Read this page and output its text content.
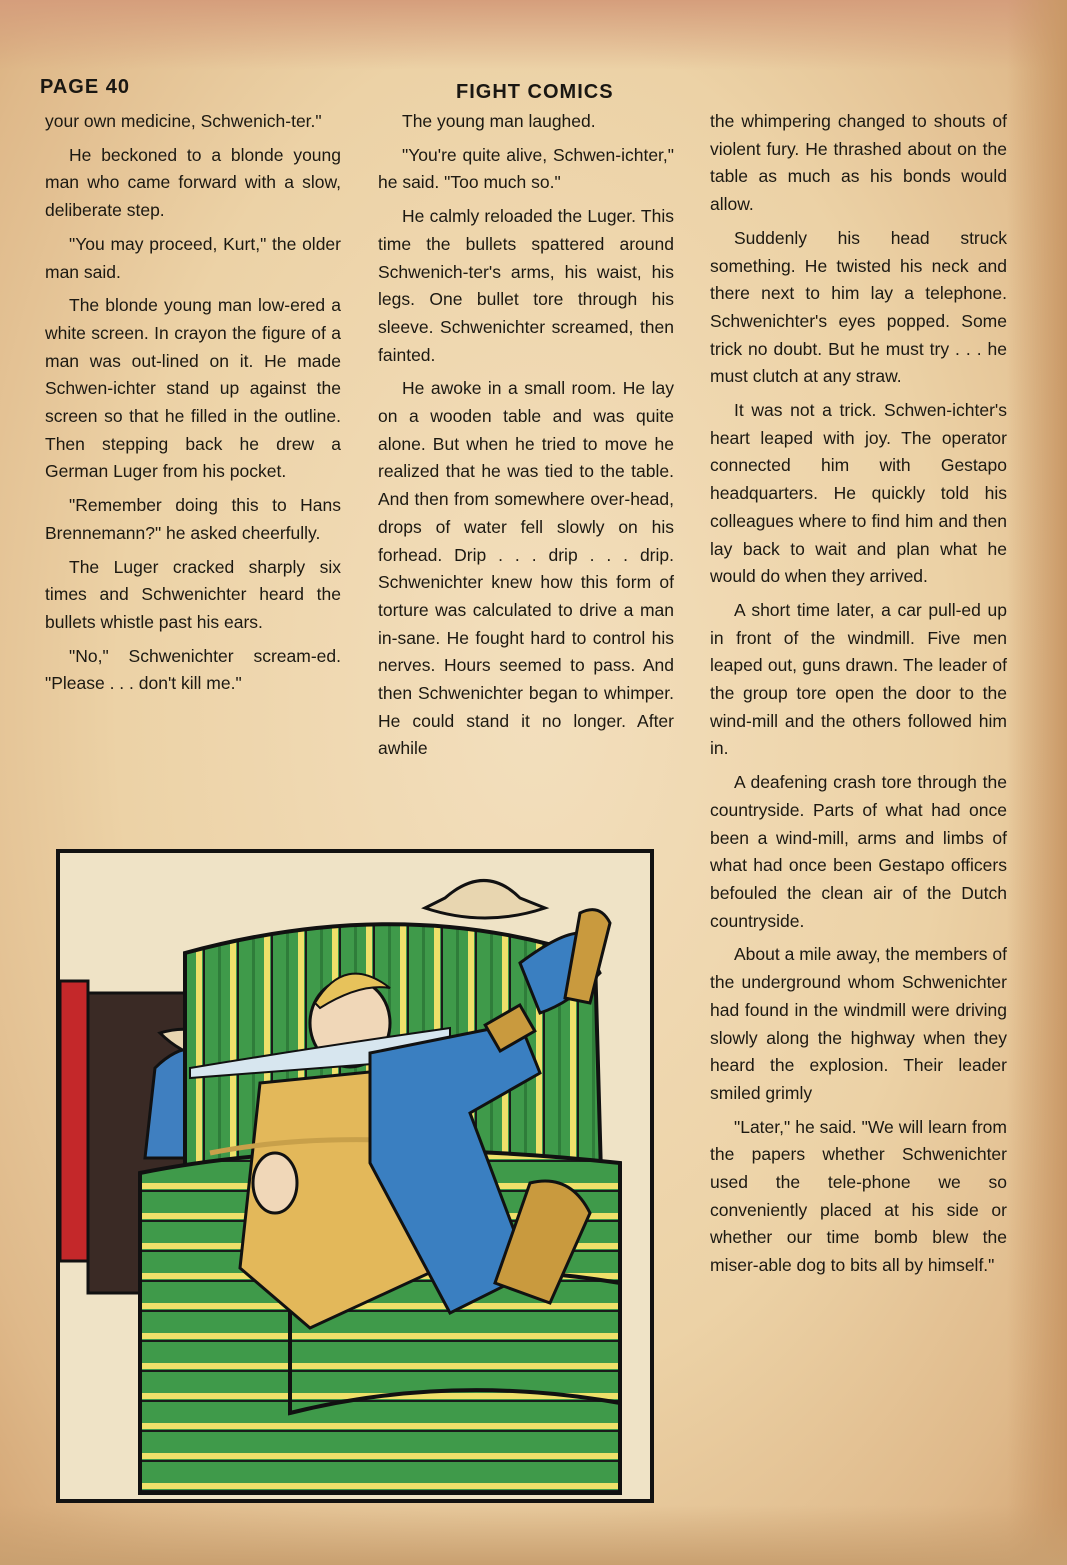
PAGE 40	FIGHT COMICS

your own medicine, Schwenich-ter."

He beckoned to a blonde young man who came forward with a slow, deliberate step.

"You may proceed, Kurt," the older man said.

The blonde young man low-ered a white screen. In crayon the figure of a man was out-lined on it. He made Schwen-ichter stand up against the screen so that he filled in the outline. Then stepping back he drew a German Luger from his pocket.

"Remember doing this to Hans Brennemann?" he asked cheerfully.

The Luger cracked sharply six times and Schwenichter heard the bullets whistle past his ears.

"No," Schwenichter scream-ed. "Please . . . don't kill me."

The young man laughed.

"You're quite alive, Schwen-ichter," he said. "Too much so."

He calmly reloaded the Luger. This time the bullets spattered around Schwenich-ter's arms, his waist, his legs. One bullet tore through his sleeve. Schwenichter screamed, then fainted.

He awoke in a small room. He lay on a wooden table and was quite alone. But when he tried to move he realized that he was tied to the table. And then from somewhere over-head, drops of water fell slowly on his forhead. Drip . . . drip . . . drip. Schwenichter knew how this form of torture was calculated to drive a man in-sane. He fought hard to control his nerves. Hours seemed to pass. And then Schwenichter began to whimper. He could stand it no longer. After awhile

the whimpering changed to shouts of violent fury. He thrashed about on the table as much as his bonds would allow.

Suddenly his head struck something. He twisted his neck and there next to him lay a telephone. Schwenichter's eyes popped. Some trick no doubt. But he must try . . . he must clutch at any straw.

It was not a trick. Schwen-ichter's heart leaped with joy. The operator connected him with Gestapo headquarters. He quickly told his colleagues where to find him and then lay back to wait and plan what he would do when they arrived.

A short time later, a car pull-ed up in front of the windmill. Five men leaped out, guns drawn. The leader of the group tore open the door to the wind-mill and the others followed him in.

A deafening crash tore through the countryside. Parts of what had once been a wind-mill, arms and limbs of what had once been Gestapo officers befouled the clean air of the Dutch countryside.

About a mile away, the members of the underground whom Schwenichter had found in the windmill were driving slowly along the highway when they heard the explosion. Their leader smiled grimly

"Later," he said. "We will learn from the papers whether Schwenichter used the tele-phone we so conveniently placed at his side or whether our time bomb blew the miser-able dog to bits all by himself."
